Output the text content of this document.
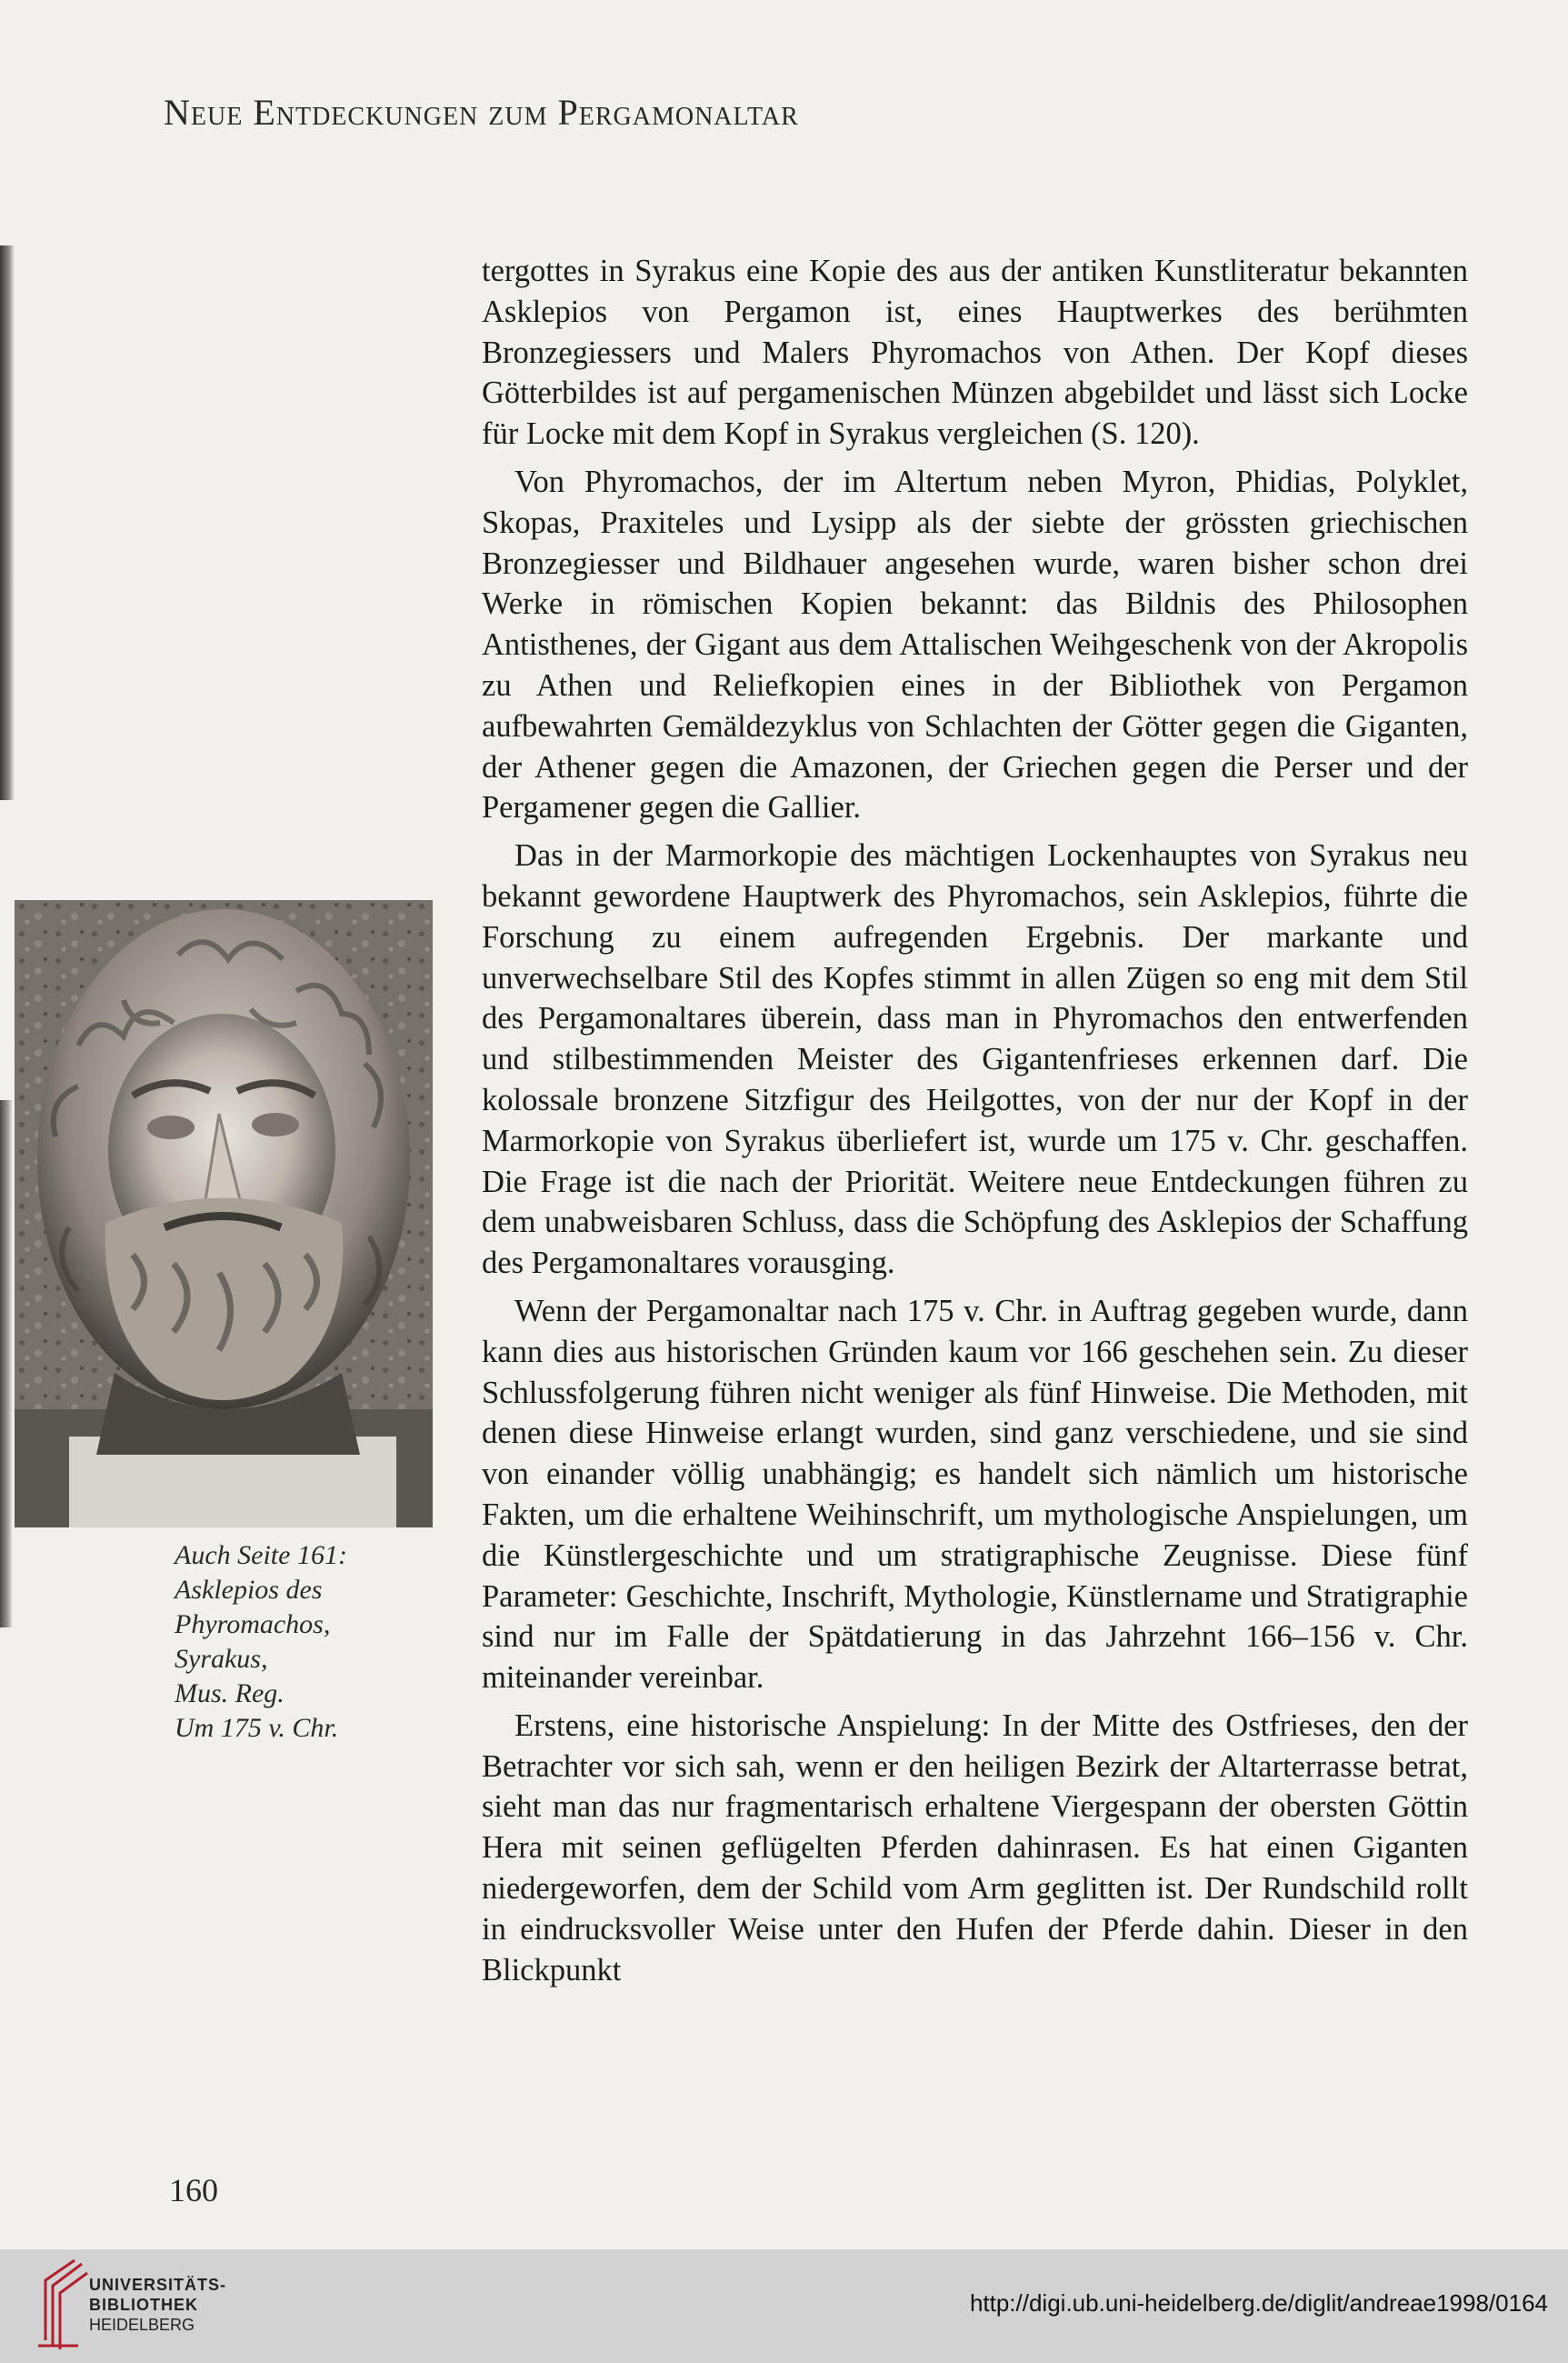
Neue Entdeckungen zum Pergamonaltar
Auch Seite 161:
Asklepios des
Phyromachos,
Syrakus,
Mus. Reg.
Um 175 v. Chr.

tergottes in Syrakus eine Kopie des aus der antiken Kunstliteratur bekannten Asklepios von Pergamon ist, eines Hauptwerkes des berühmten Bronzegiessers und Malers Phyromachos von Athen. Der Kopf dieses Götterbildes ist auf pergamenischen Münzen abgebildet und lässt sich Locke für Locke mit dem Kopf in Syrakus vergleichen (S. 120).

Von Phyromachos, der im Altertum neben Myron, Phidias, Polyklet, Skopas, Praxiteles und Lysipp als der siebte der grössten griechischen Bronzegiesser und Bildhauer angesehen wurde, waren bisher schon drei Werke in römischen Kopien bekannt: das Bildnis des Philosophen Antisthenes, der Gigant aus dem Attalischen Weihgeschenk von der Akropolis zu Athen und Reliefkopien eines in der Bibliothek von Pergamon aufbewahrten Gemäldezyklus von Schlachten der Götter gegen die Giganten, der Athener gegen die Amazonen, der Griechen gegen die Perser und der Pergamener gegen die Gallier.

Das in der Marmorkopie des mächtigen Lockenhauptes von Syrakus neu bekannt gewordene Hauptwerk des Phyromachos, sein Asklepios, führte die Forschung zu einem aufregenden Ergebnis. Der markante und unverwechselbare Stil des Kopfes stimmt in allen Zügen so eng mit dem Stil des Pergamonaltares überein, dass man in Phyromachos den entwerfenden und stilbestimmenden Meister des Gigantenfrieses erkennen darf. Die kolossale bronzene Sitzfigur des Heilgottes, von der nur der Kopf in der Marmorkopie von Syrakus überliefert ist, wurde um 175 v. Chr. geschaffen. Die Frage ist die nach der Priorität. Weitere neue Entdeckungen führen zu dem unabweisbaren Schluss, dass die Schöpfung des Asklepios der Schaffung des Pergamonaltares vorausging.

Wenn der Pergamonaltar nach 175 v. Chr. in Auftrag gegeben wurde, dann kann dies aus historischen Gründen kaum vor 166 geschehen sein. Zu dieser Schlussfolgerung führen nicht weniger als fünf Hinweise. Die Methoden, mit denen diese Hinweise erlangt wurden, sind ganz verschiedene, und sie sind von einander völlig unabhängig; es handelt sich nämlich um historische Fakten, um die erhaltene Weihinschrift, um mythologische Anspielungen, um die Künstlergeschichte und um stratigraphische Zeugnisse. Diese fünf Parameter: Geschichte, Inschrift, Mythologie, Künstlername und Stratigraphie sind nur im Falle der Spätdatierung in das Jahrzehnt 166–156 v. Chr. miteinander vereinbar.

Erstens, eine historische Anspielung: In der Mitte des Ostfrieses, den der Betrachter vor sich sah, wenn er den heiligen Bezirk der Altarterrasse betrat, sieht man das nur fragmentarisch erhaltene Viergespann der obersten Göttin Hera mit seinen geflügelten Pferden dahinrasen. Es hat einen Giganten niedergeworfen, dem der Schild vom Arm geglitten ist. Der Rundschild rollt in eindrucksvoller Weise unter den Hufen der Pferde dahin. Dieser in den Blickpunkt

160
UNIVERSITÄTS-
BIBLIOTHEK
HEIDELBERG
http://digi.ub.uni-heidelberg.de/diglit/andreae1998/0164
